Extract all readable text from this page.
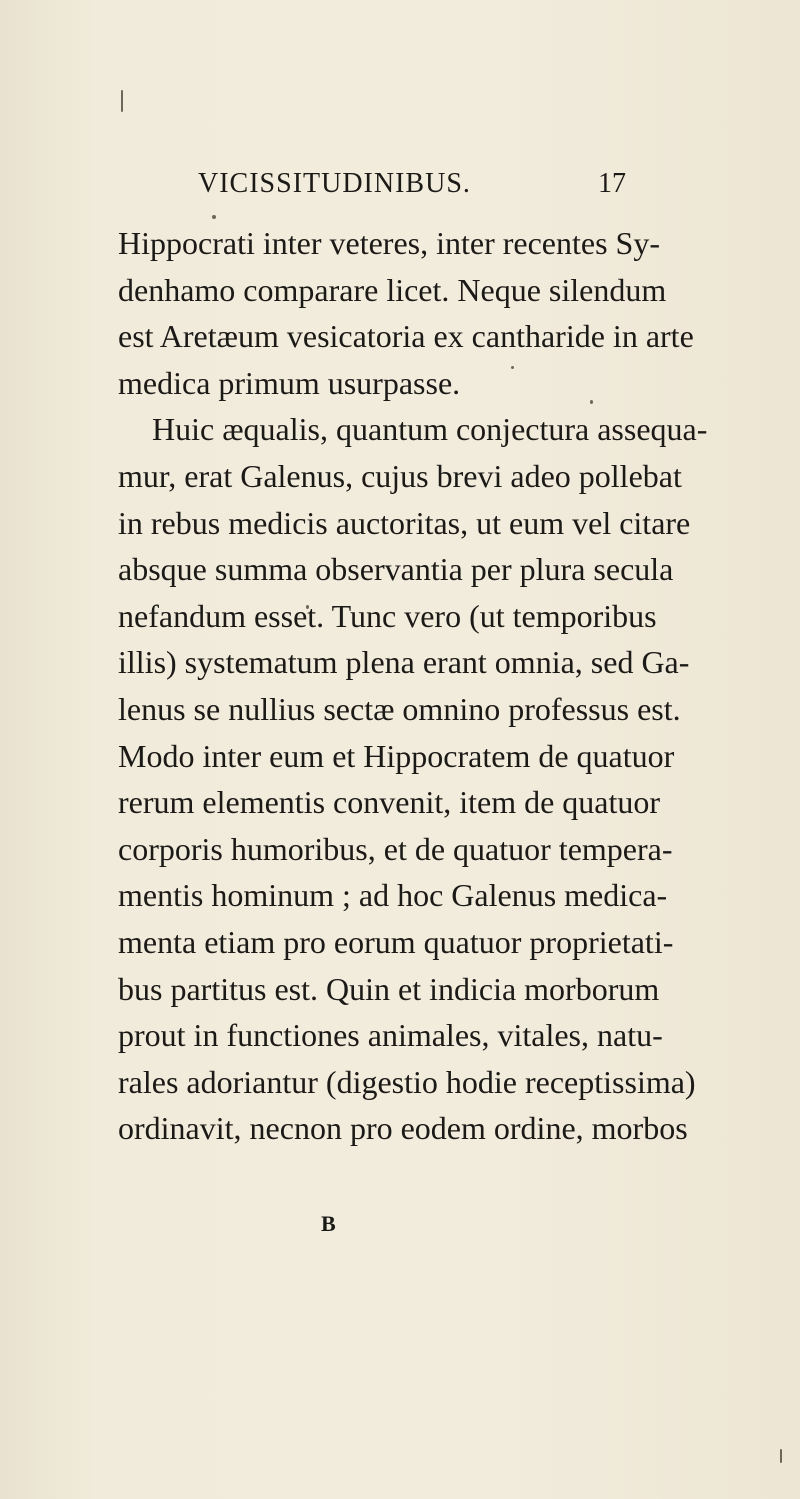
VICISSITUDINIBUS.	17
Hippocrati inter veteres, inter recentes Sy-
denhamo comparare licet. Neque silendum
est Aretæum vesicatoria ex cantharide in arte
medica primum usurpasse.
Huic æqualis, quantum conjectura assequa-
mur, erat Galenus, cujus brevi adeo pollebat
in rebus medicis auctoritas, ut eum vel citare
absque summa observantia per plura secula
nefandum esset. Tunc vero (ut temporibus
illis) systematum plena erant omnia, sed Ga-
lenus se nullius sectæ omnino professus est.
Modo inter eum et Hippocratem de quatuor
rerum elementis convenit, item de quatuor
corporis humoribus, et de quatuor tempera-
mentis hominum ; ad hoc Galenus medica-
menta etiam pro eorum quatuor proprietati-
bus partitus est. Quin et indicia morborum
prout in functiones animales, vitales, natu-
rales adoriantur (digestio hodie receptissima)
ordinavit, necnon pro eodem ordine, morbos
B
